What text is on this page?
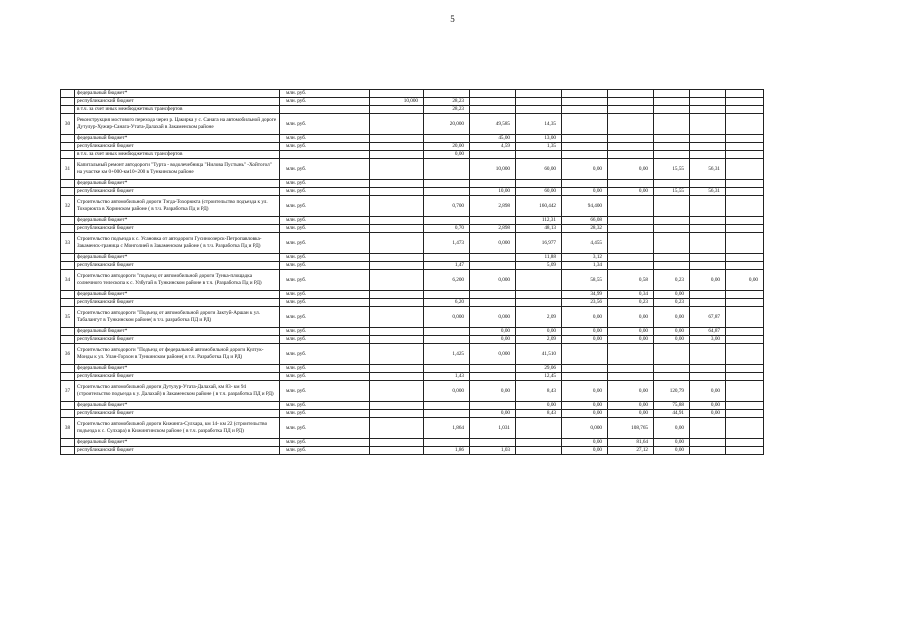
5
	федеральный бюджет*	млн. руб.									
	республиканский бюджет	млн. руб.	10,000	28,23							
	в т.ч. за счет иных межбюджетных трансфертов			28,23							
30	Реконструкция мостового перехода через р. Цакирка у с. Санага на автомобильной дороге Дутулур-Хужир-Санага-Утата-Далахай в Закаменском районе	млн. руб.		20,000	49,585	14,35					
	федеральный бюджет*	млн. руб.			45,00	13,00					
	республиканский бюджет	млн. руб.		20,00	4,59	1,35					
	в т.ч. за счет иных межбюджетных трансфертов			0,00							
31	Капитальный ремонт автодороги "Турта - водолечебница "Нилова Пустынь" -Хойтогол" на участке км 0+000-км10+200 в Тункинском районе	млн. руб.			10,000	60,00	0,00	0,00	15,55	56,31	
	федеральный бюджет*	млн. руб.									
	республиканский бюджет	млн. руб.			10,00	60,00	0,00	0,00	15,55	56,31	
32	Строительство автомобильной дороги Тэгда-Тохорюкта (строительство подъезда к ул. Тохорюкта в Хоринском районе ( в т.ч. Разработка Пд и РД)	млн. руб.		0,700	2,898	160,442	94,400				
	федеральный бюджет*	млн. руб.				112,31	66,08				
	республиканский бюджет	млн. руб.		0,70	2,898	48,13	28,32				
33	Строительство подъезда к с. Усановка от автодороги Гусиноозерск-Петропавловка-Закаменск-граница с Монголией в Закаменском районе ( в т.ч. Разработка Пд и РД)	млн. руб.		1,473	0,000	16,977	4,455				
	федеральный бюджет*	млн. руб.				11,88	3,12				
	республиканский бюджет	млн. руб.		1,47		5,09	1,34				
34	Строительство автодороги "подъезд от автомобильной дороги Тунка-площадка солнечного телескопа к с. Улбугай в Тункинском районе в т.ч. (Разработка Пд и РД)	млн. руб.		6,200	0,000		58,55	0,58	0,23	0,00	0,00
	федеральный бюджет*	млн. руб.					34,99	0,34	0,00		
	республиканский бюджет	млн. руб.		6,20			23,56	0,23	0,23		
35	Строительство автодороги "Подъезд от автомобильной дороги Зактуй-Аршан к ул. Табалангут в Тункинском районе( в т.ч. разработка ПД и РД)	млн. руб.		0,000	0,000	2,09	0,00	0,00	0,00	67,87	
	федеральный бюджет*	млн. руб.			0,00	0,00	0,00	0,00	0,00	64,87	
	республиканский бюджет	млн. руб.			0,00	2,09	0,00	0,00	0,00	3,00	
36	Строительство автодороги "Подъезд от федеральной автомобильной дороги Култук-Монды к ул. Улан-Горхон в Тункинском районе( в т.ч. Разработка Пд и РД)	млн. руб.		1,425	0,000	41,510					
	федеральный бюджет*	млн. руб.				29,06					
	республиканский бюджет	млн. руб.		1,43		12,45					
37	Строительство автомобильной дороги Дутулур-Утата-Далахай, км 83- км 94 (строительство подъезда к у. Далахай) в Закаменском районе ( в т.ч. разработка ПД и РД)	млн. руб.		0,000	0,00	8,43	0,00	0,00	120,79	0,00	
	федеральный бюджет*	млн. руб.				0,00	0,00	0,00	75,88	0,00	
	республиканский бюджет	млн. руб.			0,00	8,43	0,00	0,00	44,91	0,00	
38	Строительство автомобильной дороги Кижинга-Сулхара, км 14- км 22 (строительство подъезда к с. Сулхара) в Кижингинском районе ( в т.ч. разработка ПД и РД)	млн. руб.		1,864	1,031		0,000	108,765	0,00		
	федеральный бюджет*	млн. руб.					0,00	81,64	0,00		
	республиканский бюджет	млн. руб.		1,86	1,03		0,00	27,12	0,00		
